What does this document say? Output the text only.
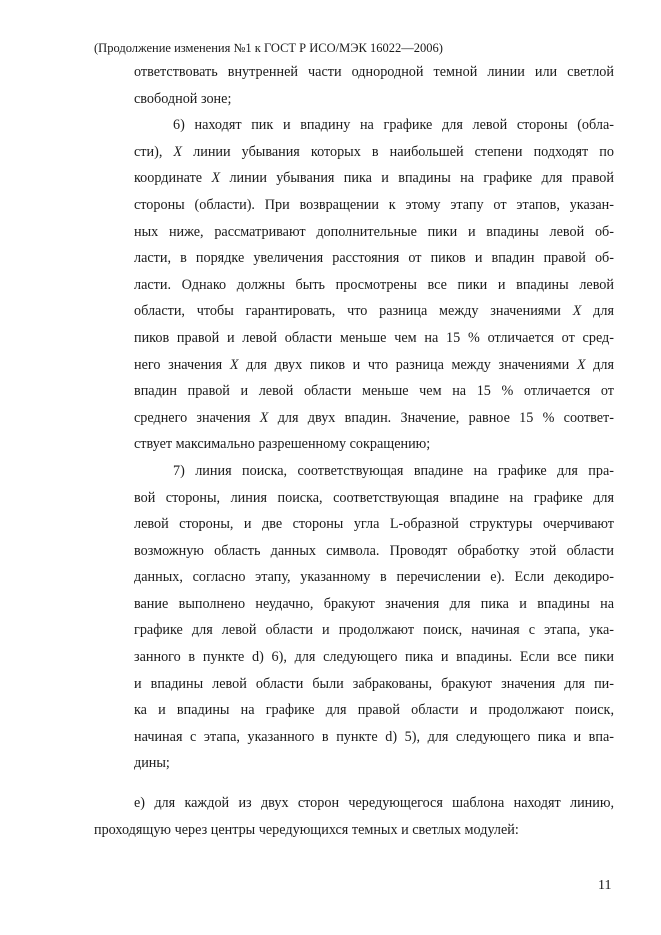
(Продолжение изменения №1 к ГОСТ Р ИСО/МЭК 16022—2006)
ответствовать внутренней части однородной темной линии или светлой
свободной зоне;
6) находят пик и впадину на графике для левой стороны (обла-
сти), X линии убывания которых в наибольшей степени подходят по
координате X линии убывания пика и впадины на графике для правой
стороны (области). При возвращении к этому этапу от этапов, указан-
ных ниже, рассматривают дополнительные пики и впадины левой об-
ласти, в порядке увеличения расстояния от пиков и впадин правой об-
ласти. Однако должны быть просмотрены все пики и впадины левой
области, чтобы гарантировать, что разница между значениями X для
пиков правой и левой области меньше чем на 15 % отличается от сред-
него значения X для двух пиков и что разница между значениями X для
впадин правой и левой области меньше чем на 15 % отличается от
среднего значения X для двух впадин. Значение, равное 15 % соответ-
ствует максимально разрешенному сокращению;
7) линия поиска, соответствующая впадине на графике для пра-
вой стороны, линия поиска, соответствующая впадине на графике для
левой стороны, и две стороны угла L-образной структуры очерчивают
возможную область данных символа. Проводят обработку этой области
данных, согласно этапу, указанному в перечислении е). Если декодиро-
вание выполнено неудачно, бракуют значения для пика и впадины на
графике для левой области и продолжают поиск, начиная с этапа, ука-
занного в пункте d) 6), для следующего пика и впадины. Если все пики
и впадины левой области были забракованы, бракуют значения для пи-
ка и впадины на графике для правой области и продолжают поиск,
начиная с этапа, указанного в пункте d) 5), для следующего пика и впа-
дины;
е) для каждой из двух сторон чередующегося шаблона находят линию,
проходящую через центры чередующихся темных и светлых модулей:
11
